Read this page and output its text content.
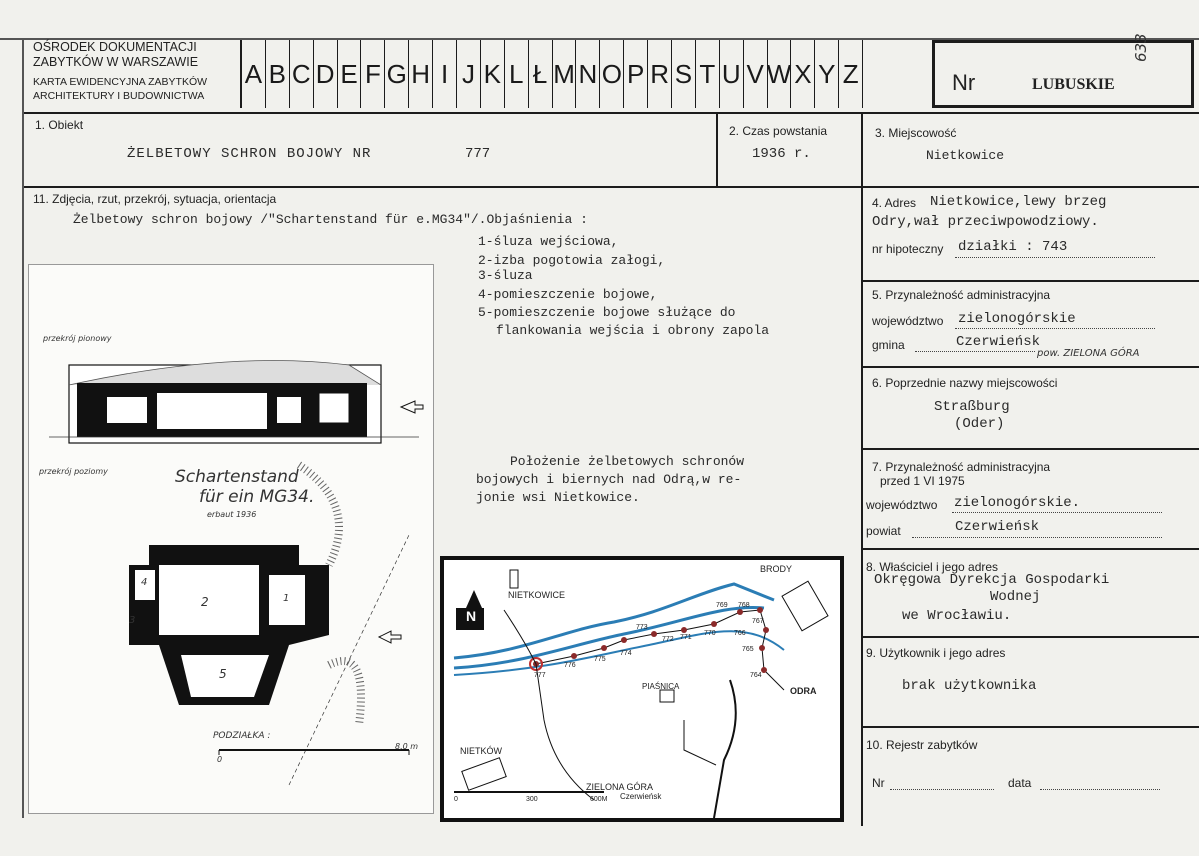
OŚRODEK DOKUMENTACJI
ZABYTKÓW W WARSZAWIE
KARTA EWIDENCYJNA ZABYTKÓW
ARCHITEKTURY I BUDOWNICTWA
A B C D E F G H I J K L Ł M N O P R S T U V W X Y Z	Nr	LUBUSKIE
633
1. Obiekt
ŻELBETOWY SCHRON BOJOWY NR	777
2. Czas powstania
1936 r.
3. Miejscowość
Nietkowice
11. Zdjęcia, rzut, przekrój, sytuacja, orientacja
Żelbetowy schron bojowy /"Schartenstand für e.MG34"/.Objaśnienia :
1-śluza wejściowa,
2-izba pogotowia załogi,
3-śluza
4-pomieszczenie bojowe,
5-pomieszczenie bojowe służące do
flankowania wejścia i obrony zapola
Położenie żelbetowych schronów
bojowych i biernych nad Odrą,w re-
jonie wsi Nietkowice.
przekrój pionowy
przekrój poziomy	Schartenstand
für ein MG34.
erbaut 1936
4
3
2	1
5
PODZIAŁKA :
0
8,0 m
N
BRODY
NIETKOWICE
PIAŚNICA
NIETKÓW
ZIELONA GÓRA
Czerwieńsk
ODRA
0	300	600M
777
776
775
774
773
772 771
770
769 768
767
766
765
764
4. Adres Nietkowice,lewy brzeg
Odry,wał przeciwpowodziowy.
nr hipoteczny działki : 743
5. Przynależność administracyjna
województwo zielonogórskie
gmina	Czerwieńsk
pow. ZIELONA GÓRA
6. Poprzednie nazwy miejscowości
Straßburg
(Oder)
7. Przynależność administracyjna
przed 1 VI 1975
województwo zielonogórskie.
powiat	Czerwieńsk
8. Właściciel i jego adres
Okręgowa Dyrekcja Gospodarki
Wodnej
we Wrocławiu.
9. Użytkownik i jego adres
brak użytkownika
10. Rejestr zabytków
Nr	data
